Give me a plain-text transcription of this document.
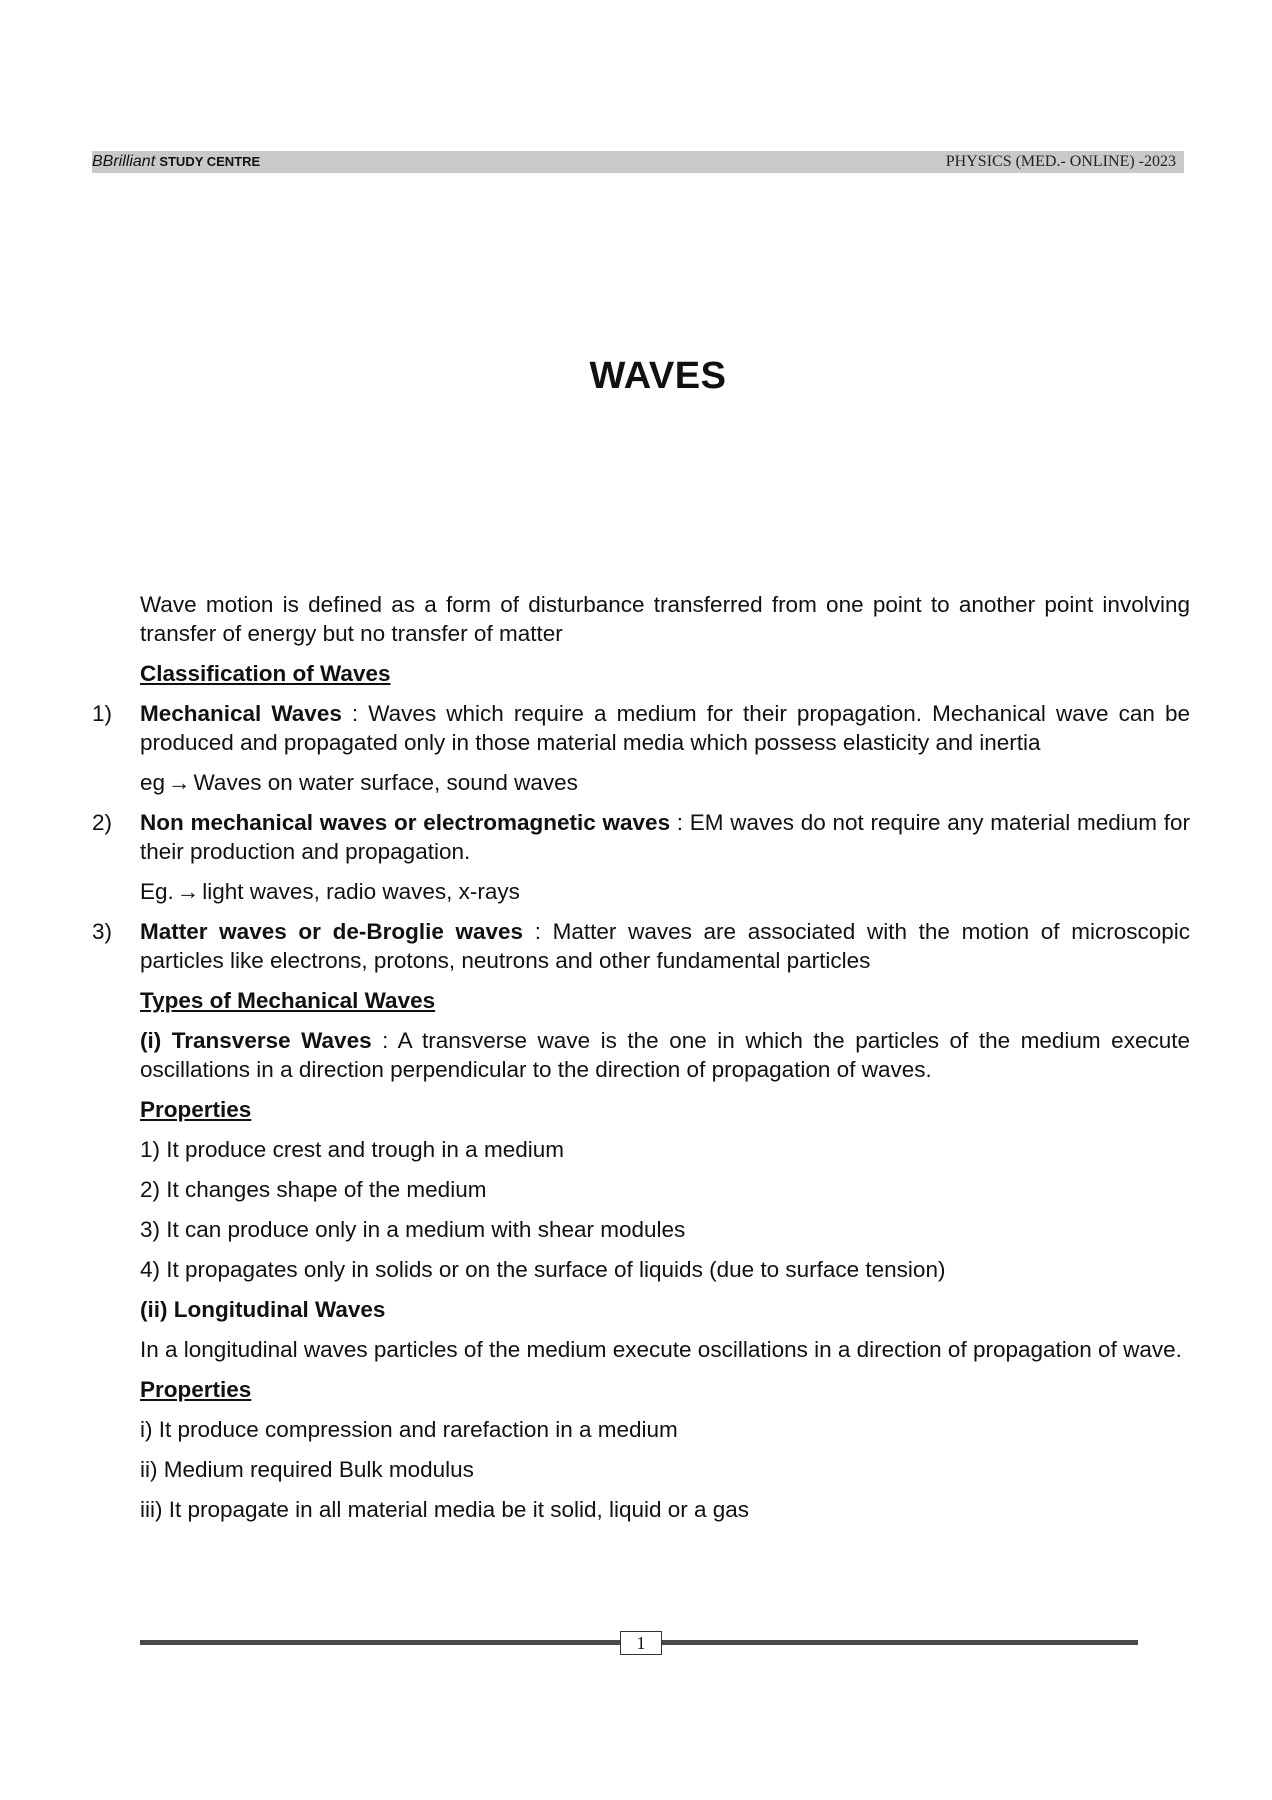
BBrilliant STUDY CENTRE	PHYSICS (MED.- ONLINE) -2023
WAVES

Wave motion is defined as a form of disturbance transferred from one point to another point involving transfer of energy but no transfer of matter

Classification of Waves

1) Mechanical Waves : Waves which require a medium for their propagation. Mechanical wave can be produced and propagated only in those material media which possess elasticity and inertia

eg → Waves on water surface, sound waves

2) Non mechanical waves or electromagnetic waves : EM waves do not require any material medium for their production and propagation.

Eg. → light waves, radio waves, x-rays

3) Matter waves or de-Broglie waves : Matter waves are associated with the motion of microscopic particles like electrons, protons, neutrons and other fundamental particles

Types of Mechanical Waves

(i) Transverse Waves : A transverse wave is the one in which the particles of the medium execute oscillations in a direction perpendicular to the direction of propagation of waves.

Properties

1) It produce crest and trough in a medium

2) It changes shape of the medium

3) It can produce only in a medium with shear modules

4) It propagates only in solids or on the surface of liquids (due to surface tension)

(ii) Longitudinal Waves

In a longitudinal waves particles of the medium execute oscillations in a direction of propagation of wave.

Properties

i) It produce compression and rarefaction in a medium

ii) Medium required Bulk modulus

iii) It propagate in all material media be it solid, liquid or a gas

1
